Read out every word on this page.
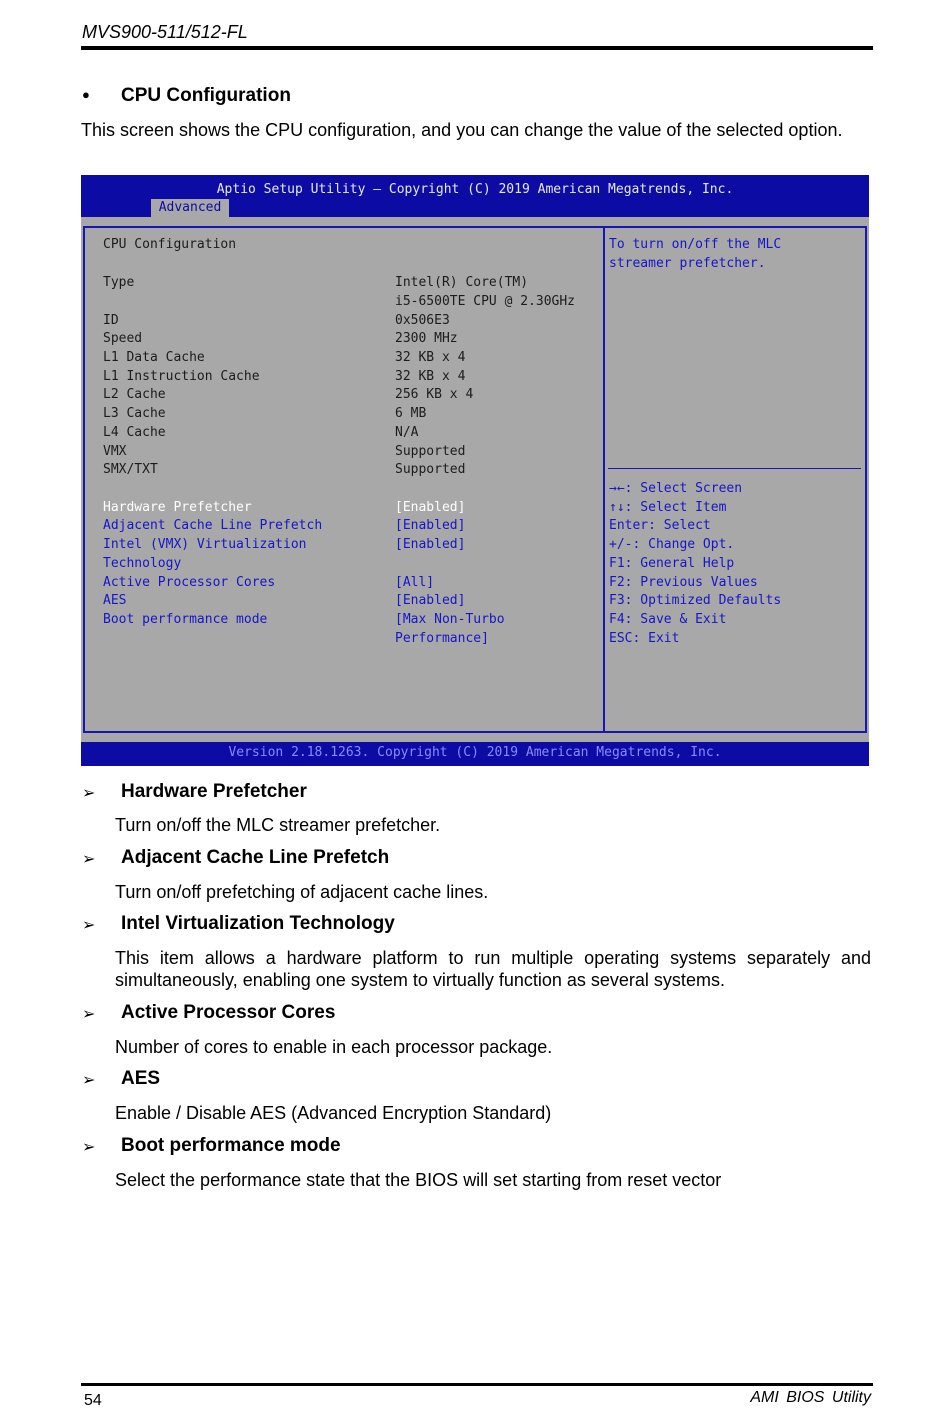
MVS900-511/512-FL
● CPU Configuration
This screen shows the CPU configuration, and you can change the value of the selected option.
Aptio Setup Utility – Copyright (C) 2019 American Megatrends, Inc.
Advanced
CPU Configuration
Type	Intel(R) Core(TM)
i5-6500TE CPU @ 2.30GHz
ID	0x506E3
Speed	2300 MHz
L1 Data Cache	32 KB x 4
L1 Instruction Cache	32 KB x 4
L2 Cache	256 KB x 4
L3 Cache	6 MB
L4 Cache	N/A
VMX	Supported
SMX/TXT	Supported
Hardware Prefetcher	[Enabled]
Adjacent Cache Line Prefetch	[Enabled]
Intel (VMX) Virtualization	[Enabled]
Technology
Active Processor Cores	[All]
AES	[Enabled]
Boot performance mode	[Max Non-Turbo
Performance]
To turn on/off the MLC
streamer prefetcher.
→←: Select Screen
↑↓: Select Item
Enter: Select
+/-: Change Opt.
F1: General Help
F2: Previous Values
F3: Optimized Defaults
F4: Save & Exit
ESC: Exit
Version 2.18.1263. Copyright (C) 2019 American Megatrends, Inc.
➢ Hardware Prefetcher
Turn on/off the MLC streamer prefetcher.
➢ Adjacent Cache Line Prefetch
Turn on/off prefetching of adjacent cache lines.
➢ Intel Virtualization Technology
This item allows a hardware platform to run multiple operating systems separately and simultaneously, enabling one system to virtually function as several systems.
➢ Active Processor Cores
Number of cores to enable in each processor package.
➢ AES
Enable / Disable AES (Advanced Encryption Standard)
➢ Boot performance mode
Select the performance state that the BIOS will set starting from reset vector
54	AMI BIOS Utility
